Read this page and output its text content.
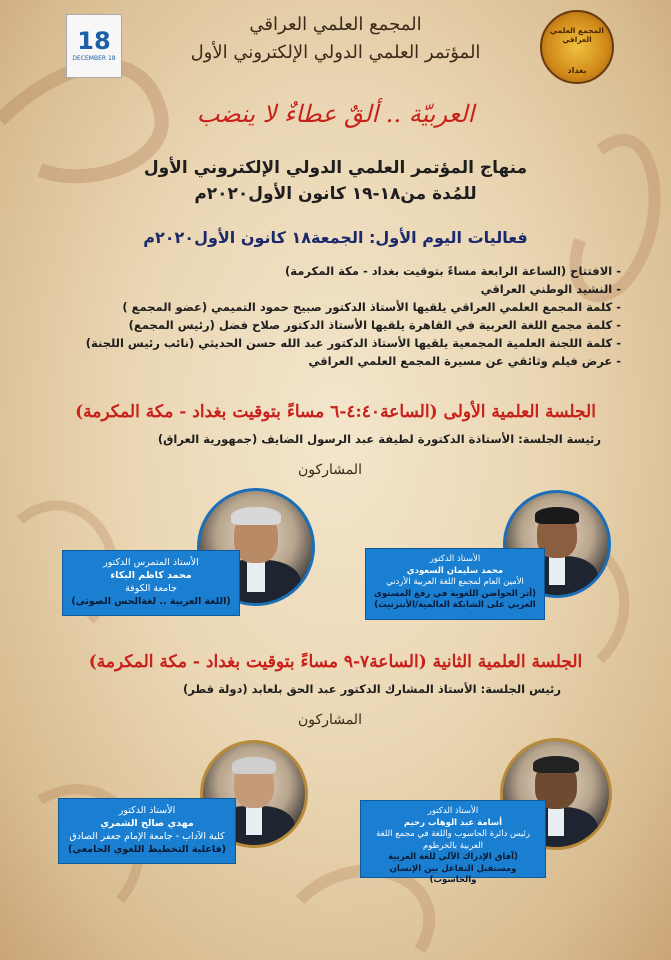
18
DECEMBER 18
المجمع العلمي العراقي
بغداد
المجمع العلمي العراقي
المؤتمر العلمي الدولي الإلكتروني الأول
العربيّة .. ألقٌ عطاءٌ لا ينضب
منهاج المؤتمر العلمي الدولي الإلكتروني الأول
للمُدة من١٨-١٩ كانون الأول٢٠٢٠م
فعاليات اليوم الأول: الجمعة١٨ كانون الأول٢٠٢٠م
- الافتتاح (الساعة الرابعة مساءً بتوقيت بغداد - مكة المكرمة)
- النشيد الوطني العراقي
- كلمة المجمع العلمي العراقي يلقيها الأستاذ الدكتور صبيح حمود التميمي (عضو المجمع )
- كلمة مجمع اللغة العربية في القاهرة يلقيها الأستاذ الدكتور صلاح فضل (رئيس المجمع)
- كلمة اللجنة العلمية المجمعية يلقيها الأستاذ الدكتور عبد الله حسن الحديثي (نائب رئيس اللجنة)
- عرض فيلم وثائقي عن مسيرة المجمع العلمي العراقي
الجلسة العلمية الأولى (الساعة٤:٤٠-٦ مساءً بتوقيت بغداد - مكة المكرمة)
رئيسة الجلسة: الأستاذة الدكتورة لطيفة عبد الرسول الضايف (جمهورية العراق)
المشاركون
الأستاذ المتمرس الدكتور
محمد كاظم البكاء
جامعة الكوفة
(اللغة العربية .. لغةالحس الصوتي)
الأستاذ الدكتور
محمد سليمان السعودي
الأمين العام لمجمع اللغة العربية الأردني
(أثر الحواضن اللغوية في رفع المستوى العربي على الشابكة العالمية/الأنترنيت)
الجلسة العلمية الثانية (الساعة٧-٩ مساءً بتوقيت بغداد - مكة المكرمة)
رئيس الجلسة: الأستاذ المشارك الدكتور عبد الحق بلعابد (دولة قطر)
المشاركون
الأستاذ الدكتور
مهدي صالح الشمري
كلية الآداب - جامعة الإمام جعفر الصادق
(فاعلية التخطيط اللغوي الجامعي)
الأستاذ الدكتور
أسامة عبد الوهاب رحيم
رئيس دائرة الحاسوب واللغة في مجمع اللغة العربية بالخرطوم
(آفاق الإدراك الآلي للغة العربية ومستقبل التفاعل بين الإنسان والحاسوب)
